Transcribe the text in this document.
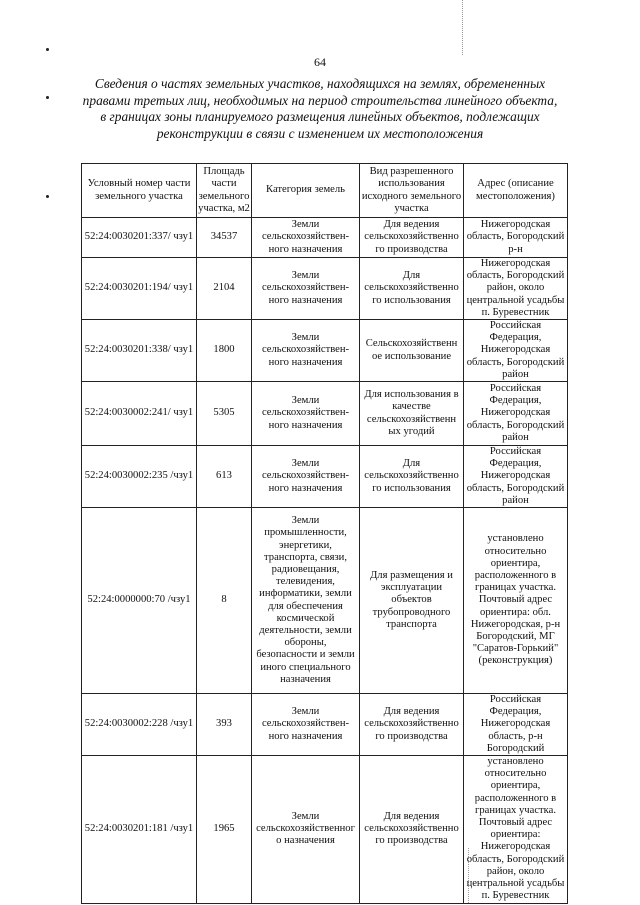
64
Сведения о частях земельных участков, находящихся на землях, обремененных правами третьих лиц, необходимых на период строительства линейного объекта, в границах зоны планируемого размещения линейных объектов, подлежащих реконструкции в связи с изменением их местоположения
Условный номер части земельного участка	Площадь части земельного участка, м2	Категория земель	Вид разрешенного использования исходного земельного участка	Адрес (описание местоположения)
52:24:0030201:337/ чзу1	34537	Земли сельскохозяйствен- ного назначения	Для ведения сельскохозяйственно го производства	Нижегородская область, Богородский р-н
52:24:0030201:194/ чзу1	2104	Земли сельскохозяйствен- ного назначения	Для сельскохозяйственно го использования	Нижегородская область, Богородский район, около центральной усадьбы п. Буревестник
52:24:0030201:338/ чзу1	1800	Земли сельскохозяйствен- ного назначения	Сельскохозяйственн ое использование	Российская Федерация, Нижегородская область, Богородский район
52:24:0030002:241/ чзу1	5305	Земли сельскохозяйствен- ного назначения	Для использования в качестве сельскохозяйственн ых угодий	Российская Федерация, Нижегородская область, Богородский район
52:24:0030002:235 /чзу1	613	Земли сельскохозяйствен- ного назначения	Для сельскохозяйственно го использования	Российская Федерация, Нижегородская область, Богородский район
52:24:0000000:70 /чзу1	8	Земли промышленности, энергетики, транспорта, связи, радиовещания, телевидения, информатики, земли для обеспечения космической деятельности, земли обороны, безопасности и земли иного специального назначения	Для размещения и эксплуатации объектов трубопроводного транспорта	установлено относительно ориентира, расположенного в границах участка. Почтовый адрес ориентира: обл. Нижегородская, р-н Богородский, МГ "Саратов-Горький" (реконструкция)
52:24:0030002:228 /чзу1	393	Земли сельскохозяйствен- ного назначения	Для ведения сельскохозяйственно го производства	Российская Федерация, Нижегородская область, р-н Богородский
52:24:0030201:181 /чзу1	1965	Земли сельскохозяйственног о назначения	Для ведения сельскохозяйственно го производства	установлено относительно ориентира, расположенного в границах участка. Почтовый адрес ориентира: Нижегородская область, Богородский район, около центральной усадьбы п. Буревестник
